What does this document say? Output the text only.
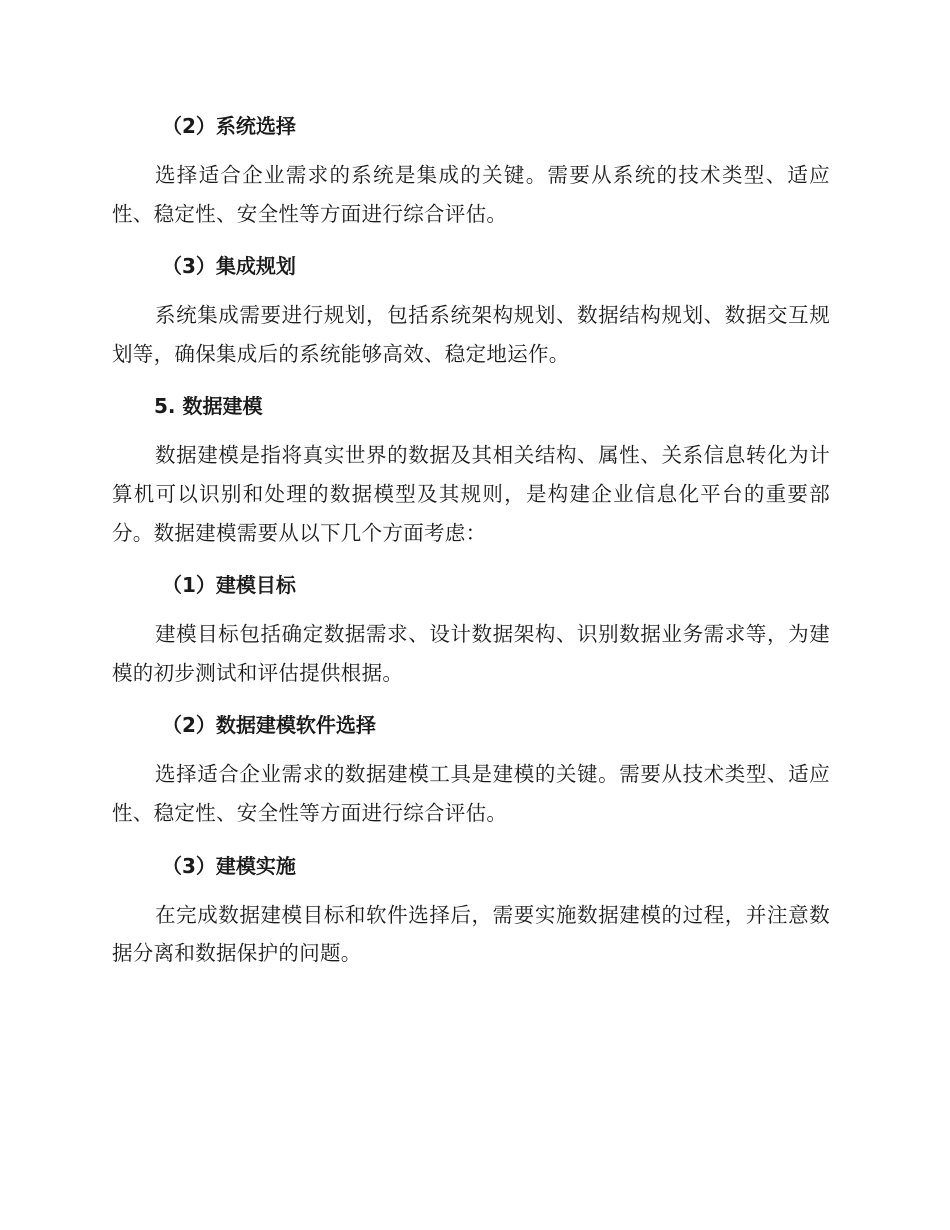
（2）系统选择

选择适合企业需求的系统是集成的关键。需要从系统的技术类型、适应性、稳定性、安全性等方面进行综合评估。

（3）集成规划

系统集成需要进行规划，包括系统架构规划、数据结构规划、数据交互规划等，确保集成后的系统能够高效、稳定地运作。

5. 数据建模

数据建模是指将真实世界的数据及其相关结构、属性、关系信息转化为计算机可以识别和处理的数据模型及其规则，是构建企业信息化平台的重要部分。数据建模需要从以下几个方面考虑：

（1）建模目标

建模目标包括确定数据需求、设计数据架构、识别数据业务需求等，为建模的初步测试和评估提供根据。

（2）数据建模软件选择

选择适合企业需求的数据建模工具是建模的关键。需要从技术类型、适应性、稳定性、安全性等方面进行综合评估。

（3）建模实施

在完成数据建模目标和软件选择后，需要实施数据建模的过程，并注意数据分离和数据保护的问题。
